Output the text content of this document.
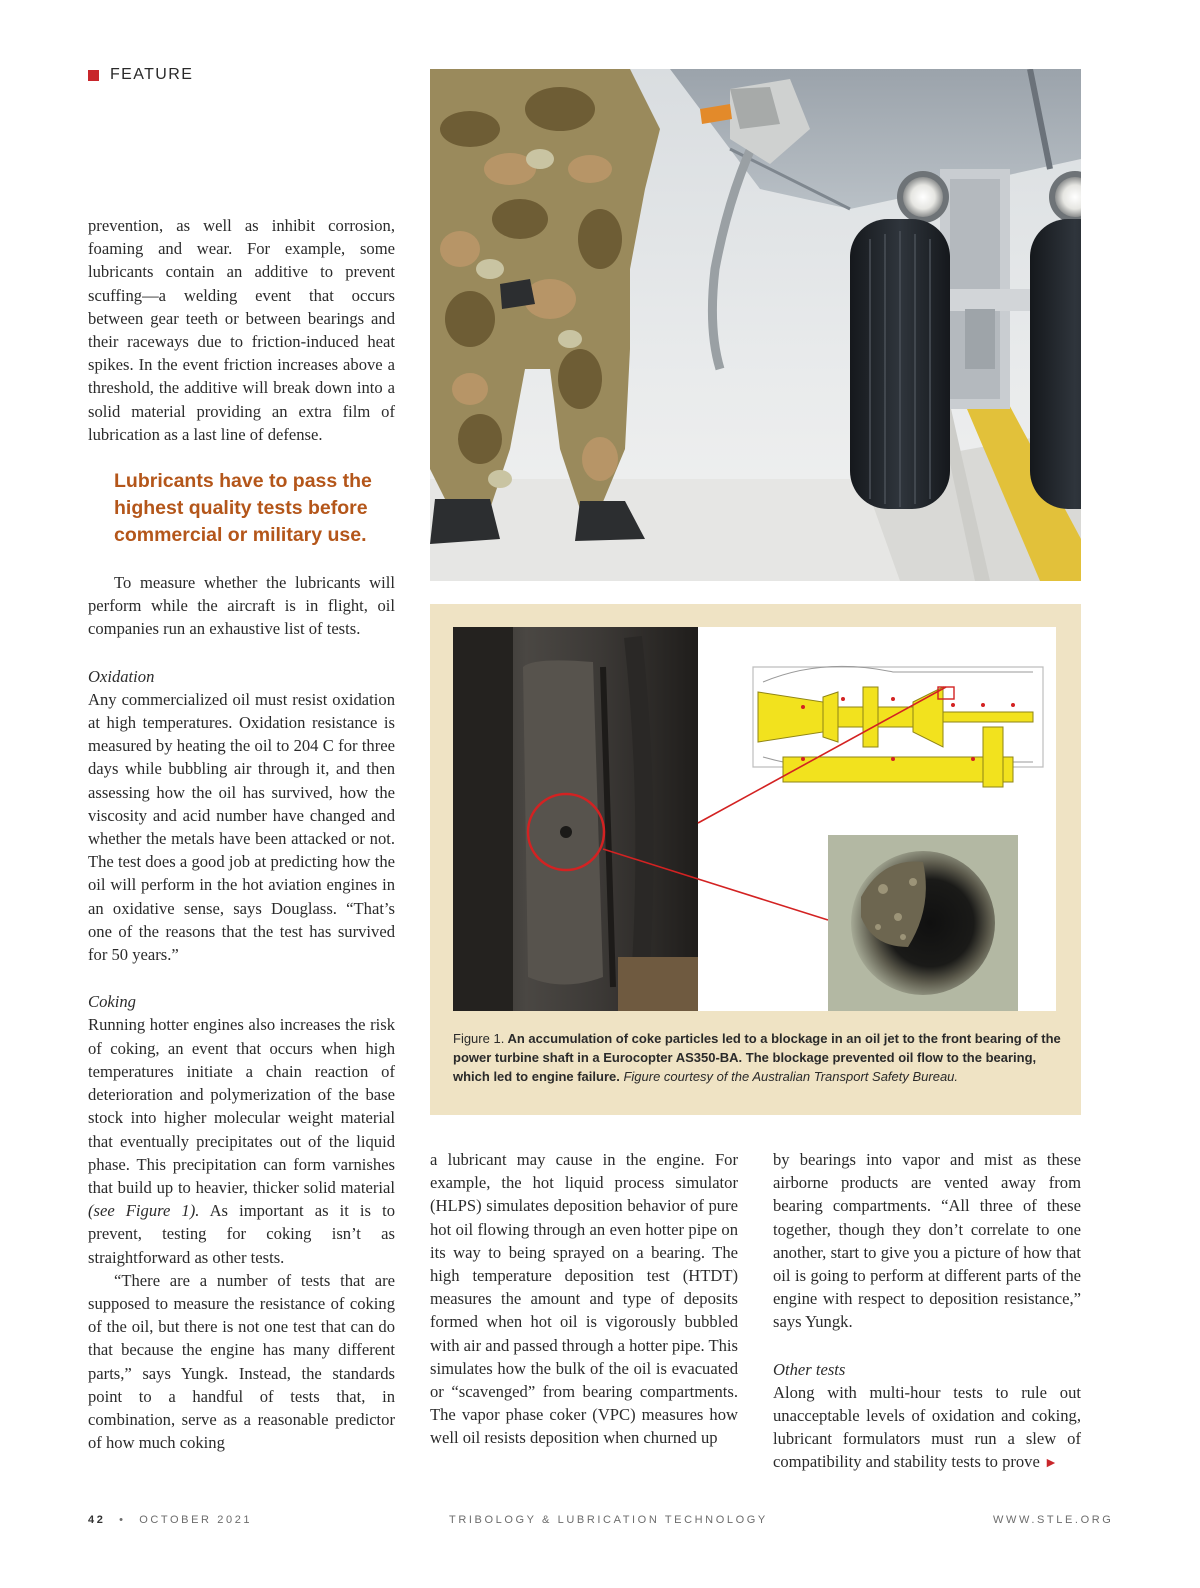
FEATURE

prevention, as well as inhibit corrosion, foaming and wear. For example, some lubricants contain an additive to prevent scuffing—a welding event that occurs between gear teeth or between bearings and their raceways due to friction-induced heat spikes. In the event friction increases above a threshold, the additive will break down into a solid material providing an extra film of lubrication as a last line of defense.

Lubricants have to pass the highest quality tests before commercial or military use.

To measure whether the lubricants will perform while the aircraft is in flight, oil companies run an exhaustive list of tests.

Oxidation

Any commercialized oil must resist oxidation at high temperatures. Oxidation resistance is measured by heating the oil to 204 C for three days while bubbling air through it, and then assessing how the oil has survived, how the viscosity and acid number have changed and whether the metals have been attacked or not. The test does a good job at predicting how the oil will perform in the hot aviation engines in an oxidative sense, says Douglass. “That’s one of the reasons that the test has survived for 50 years.”

Coking

Running hotter engines also increases the risk of coking, an event that occurs when high temperatures initiate a chain reaction of deterioration and polymerization of the base stock into higher molecular weight material that eventually precipitates out of the liquid phase. This precipitation can form varnishes that build up to heavier, thicker solid material (see Figure 1). As important as it is to prevent, testing for coking isn’t as straightforward as other tests.

“There are a number of tests that are supposed to measure the resistance of coking of the oil, but there is not one test that can do that because the engine has many different parts,” says Yungk. Instead, the standards point to a handful of tests that, in combination, serve as a reasonable predictor of how much coking

Figure 1. An accumulation of coke particles led to a blockage in an oil jet to the front bearing of the power turbine shaft in a Eurocopter AS350-BA. The blockage prevented oil flow to the bearing, which led to engine failure. Figure courtesy of the Australian Transport Safety Bureau.

a lubricant may cause in the engine. For example, the hot liquid process simulator (HLPS) simulates deposition behavior of pure hot oil flowing through an even hotter pipe on its way to being sprayed on a bearing. The high temperature deposition test (HTDT) measures the amount and type of deposits formed when hot oil is vigorously bubbled with air and passed through a hotter pipe. This simulates how the bulk of the oil is evacuated or “scavenged” from bearing compartments. The vapor phase coker (VPC) measures how well oil resists deposition when churned up

by bearings into vapor and mist as these airborne products are vented away from bearing compartments. “All three of these together, though they don’t correlate to one another, start to give you a picture of how that oil is going to perform at different parts of the engine with respect to deposition resistance,” says Yungk.

Other tests

Along with multi-hour tests to rule out unacceptable levels of oxidation and coking, lubricant formulators must run a slew of compatibility and stability tests to prove ►

42 • OCTOBER 2021	TRIBOLOGY & LUBRICATION TECHNOLOGY	WWW.STLE.ORG
